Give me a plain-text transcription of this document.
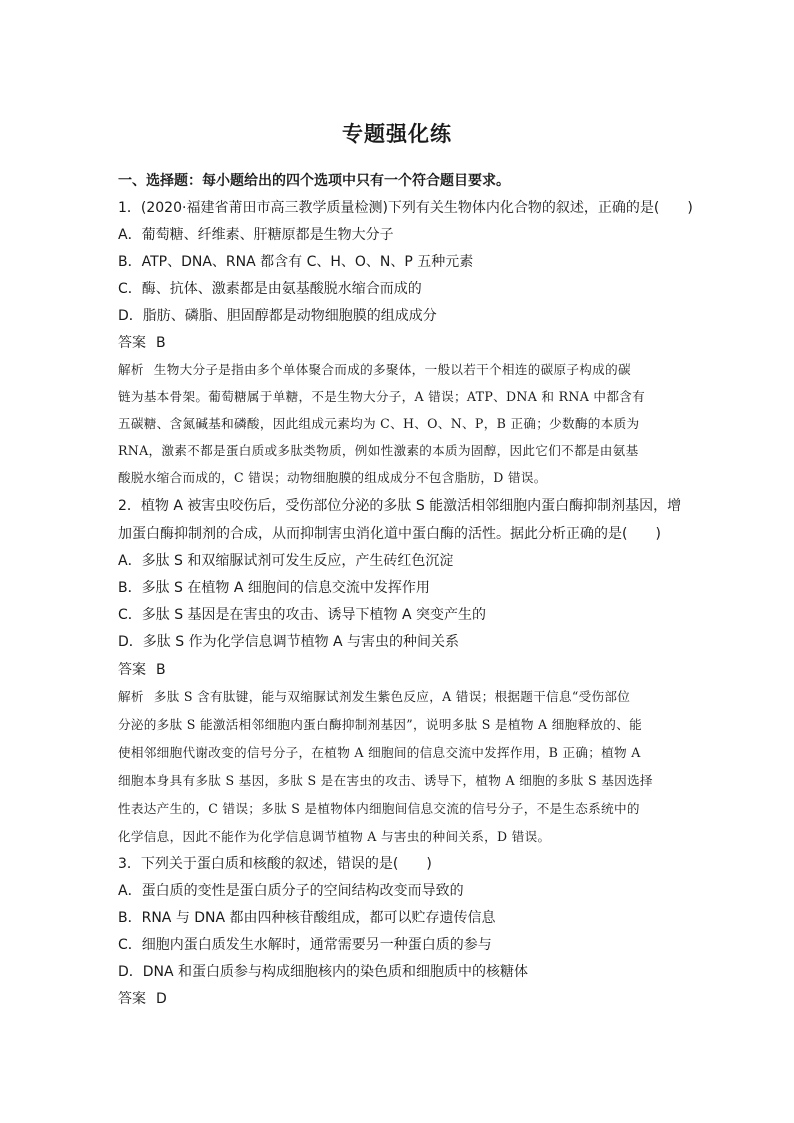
专题强化练
一、选择题：每小题给出的四个选项中只有一个符合题目要求。
1．(2020·福建省莆田市高三教学质量检测)下列有关生物体内化合物的叙述，正确的是(　　)
A．葡萄糖、纤维素、肝糖原都是生物大分子
B．ATP、DNA、RNA 都含有 C、H、O、N、P 五种元素
C．酶、抗体、激素都是由氨基酸脱水缩合而成的
D．脂肪、磷脂、胆固醇都是动物细胞膜的组成成分
答案 B
解析 生物大分子是指由多个单体聚合而成的多聚体，一般以若干个相连的碳原子构成的碳
链为基本骨架。葡萄糖属于单糖，不是生物大分子，A 错误；ATP、DNA 和 RNA 中都含有
五碳糖、含氮碱基和磷酸，因此组成元素均为 C、H、O、N、P，B 正确；少数酶的本质为
RNA，激素不都是蛋白质或多肽类物质，例如性激素的本质为固醇，因此它们不都是由氨基
酸脱水缩合而成的，C 错误；动物细胞膜的组成成分不包含脂肪，D 错误。
2．植物 A 被害虫咬伤后，受伤部位分泌的多肽 S 能激活相邻细胞内蛋白酶抑制剂基因，增
加蛋白酶抑制剂的合成，从而抑制害虫消化道中蛋白酶的活性。据此分析正确的是(　　)
A．多肽 S 和双缩脲试剂可发生反应，产生砖红色沉淀
B．多肽 S 在植物 A 细胞间的信息交流中发挥作用
C．多肽 S 基因是在害虫的攻击、诱导下植物 A 突变产生的
D．多肽 S 作为化学信息调节植物 A 与害虫的种间关系
答案 B
解析 多肽 S 含有肽键，能与双缩脲试剂发生紫色反应，A 错误；根据题干信息“受伤部位
分泌的多肽 S 能激活相邻细胞内蛋白酶抑制剂基因”，说明多肽 S 是植物 A 细胞释放的、能
使相邻细胞代谢改变的信号分子，在植物 A 细胞间的信息交流中发挥作用，B 正确；植物 A
细胞本身具有多肽 S 基因，多肽 S 是在害虫的攻击、诱导下，植物 A 细胞的多肽 S 基因选择
性表达产生的，C 错误；多肽 S 是植物体内细胞间信息交流的信号分子，不是生态系统中的
化学信息，因此不能作为化学信息调节植物 A 与害虫的种间关系，D 错误。
3．下列关于蛋白质和核酸的叙述，错误的是(　　)
A．蛋白质的变性是蛋白质分子的空间结构改变而导致的
B．RNA 与 DNA 都由四种核苷酸组成，都可以贮存遗传信息
C．细胞内蛋白质发生水解时，通常需要另一种蛋白质的参与
D．DNA 和蛋白质参与构成细胞核内的染色质和细胞质中的核糖体
答案 D
